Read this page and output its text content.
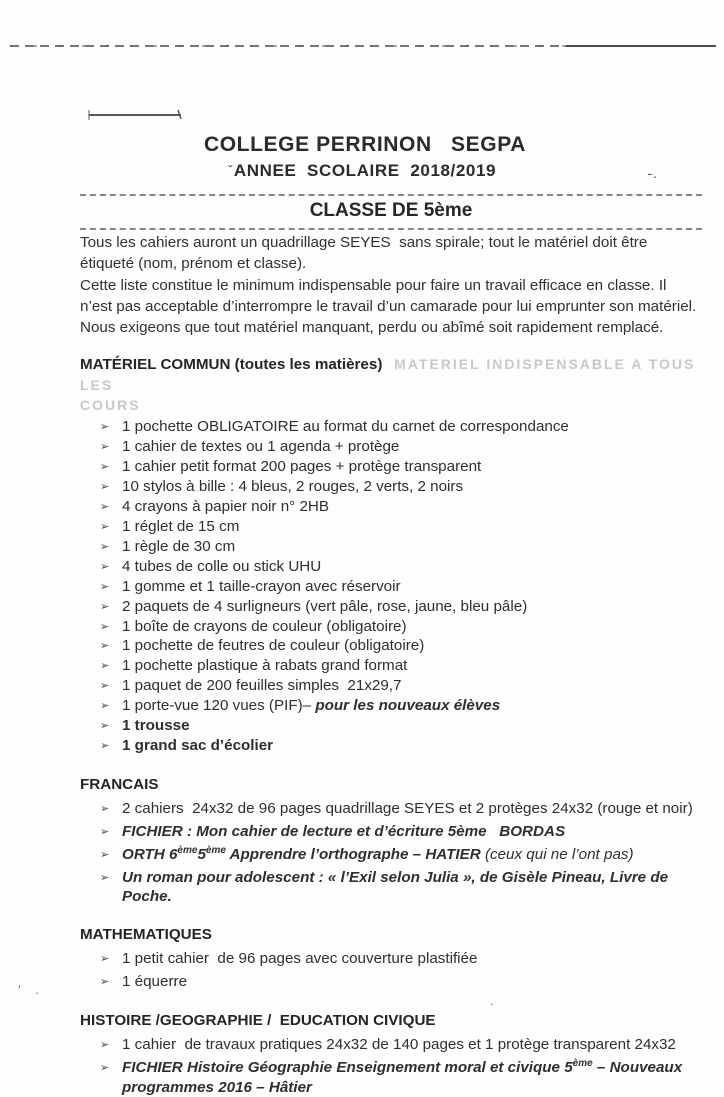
COLLEGE PERRINON   SEGPA
ANNEE  SCOLAIRE  2018/2019
ˇ	-.
CLASSE DE 5ème

Tous les cahiers auront un quadrillage SEYES  sans spirale; tout le matériel doit être étiqueté (nom, prénom et classe).

Cette liste constitue le minimum indispensable pour faire un travail efficace en classe. Il n’est pas acceptable d’interrompre le travail d’un camarade pour lui emprunter son matériel. Nous exigeons que tout matériel manquant, perdu ou abîmé soit rapidement remplacé.

MATÉRIEL COMMUN (toutes les matières)  MATERIEL INDISPENSABLE A TOUS LES
COURS
➢ 1 pochette OBLIGATOIRE au format du carnet de correspondance
➢ 1 cahier de textes ou 1 agenda + protège
➢ 1 cahier petit format 200 pages + protège transparent
➢ 10 stylos à bille : 4 bleus, 2 rouges, 2 verts, 2 noirs
➢ 4 crayons à papier noir n° 2HB
➢ 1 réglet de 15 cm
➢ 1 règle de 30 cm
➢ 4 tubes de colle ou stick UHU
➢ 1 gomme et 1 taille-crayon avec réservoir
➢ 2 paquets de 4 surligneurs (vert pâle, rose, jaune, bleu pâle)
➢ 1 boîte de crayons de couleur (obligatoire)
➢ 1 pochette de feutres de couleur (obligatoire)
➢ 1 pochette plastique à rabats grand format
➢ 1 paquet de 200 feuilles simples  21x29,7
➢ 1 porte-vue 120 vues (PIF)– pour les nouveaux élèves
➢ 1 trousse
➢ 1 grand sac d’écolier
FRANCAIS
➢ 2 cahiers  24x32 de 96 pages quadrillage SEYES et 2 protèges 24x32 (rouge et noir)
➢ FICHIER : Mon cahier de lecture et d’écriture 5ème   BORDAS
➢ ORTH 6ème5ème Apprendre l’orthographe – HATIER (ceux qui ne l’ont pas)
➢ Un roman pour adolescent : « l’Exil selon Julia », de Gisèle Pineau, Livre de Poche.
MATHEMATIQUES
➢ 1 petit cahier  de 96 pages avec couverture plastifiée
➢ 1 équerre
HISTOIRE /GEOGRAPHIE /  EDUCATION CIVIQUE
➢ 1 cahier  de travaux pratiques 24x32 de 140 pages et 1 protège transparent 24x32
➢ FICHIER Histoire Géographie Enseignement moral et civique 5ème – Nouveaux programmes 2016 – Hâtier
’ .
.
